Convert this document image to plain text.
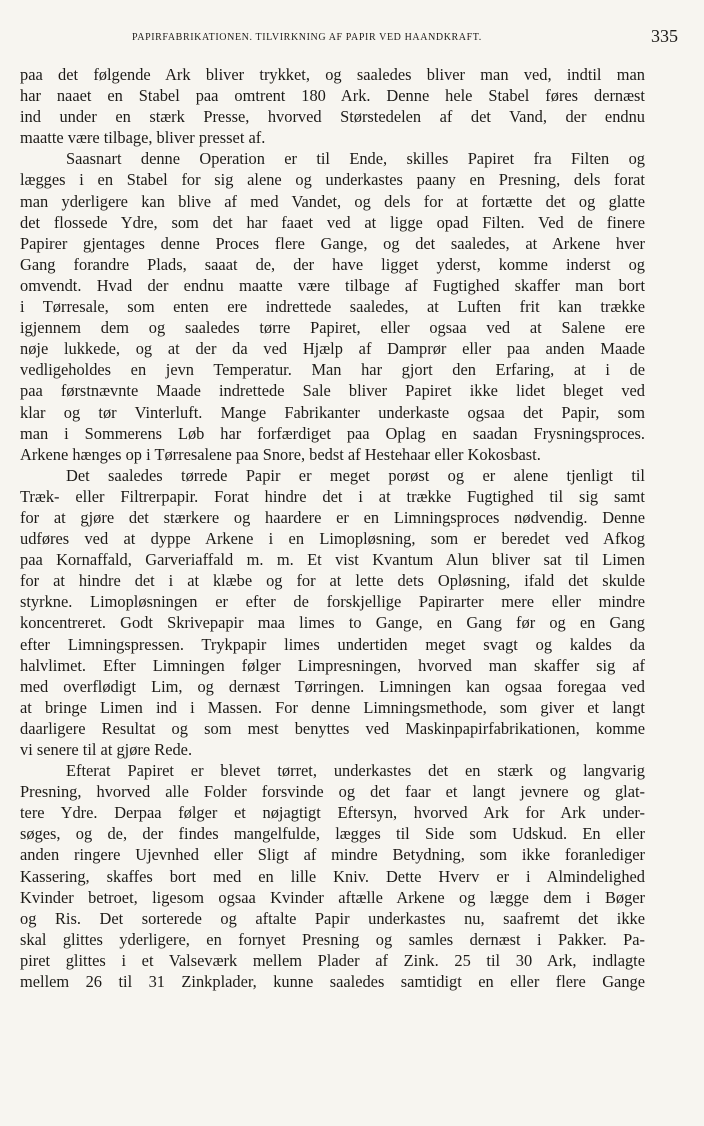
PAPIRFABRIKATIONEN. TILVIRKNING AF PAPIR VED HAANDKRAFT.	335
paa det følgende Ark bliver trykket, og saaledes bliver man ved, indtil man
har naaet en Stabel paa omtrent 180 Ark. Denne hele Stabel føres dernæst
ind under en stærk Presse, hvorved Størstedelen af det Vand, der endnu
maatte være tilbage, bliver presset af.
Saasnart denne Operation er til Ende, skilles Papiret fra Filten og
lægges i en Stabel for sig alene og underkastes paany en Presning, dels forat
man yderligere kan blive af med Vandet, og dels for at fortætte det og glatte
det flossede Ydre, som det har faaet ved at ligge opad Filten. Ved de finere
Papirer gjentages denne Proces flere Gange, og det saaledes, at Arkene hver
Gang forandre Plads, saaat de, der have ligget yderst, komme inderst og
omvendt. Hvad der endnu maatte være tilbage af Fugtighed skaffer man bort
i Tørresale, som enten ere indrettede saaledes, at Luften frit kan trække
igjennem dem og saaledes tørre Papiret, eller ogsaa ved at Salene ere
nøje lukkede, og at der da ved Hjælp af Damprør eller paa anden Maade
vedligeholdes en jevn Temperatur. Man har gjort den Erfaring, at i de
paa førstnævnte Maade indrettede Sale bliver Papiret ikke lidet bleget ved
klar og tør Vinterluft. Mange Fabrikanter underkaste ogsaa det Papir, som
man i Sommerens Løb har forfærdiget paa Oplag en saadan Frysningsproces.
Arkene hænges op i Tørresalene paa Snore, bedst af Hestehaar eller Kokosbast.
Det saaledes tørrede Papir er meget porøst og er alene tjenligt til
Træk- eller Filtrerpapir. Forat hindre det i at trække Fugtighed til sig samt
for at gjøre det stærkere og haardere er en Limningsproces nødvendig. Denne
udføres ved at dyppe Arkene i en Limopløsning, som er beredet ved Afkog
paa Kornaffald, Garveriaffald m. m. Et vist Kvantum Alun bliver sat til Limen
for at hindre det i at klæbe og for at lette dets Opløsning, ifald det skulde
styrkne. Limopløsningen er efter de forskjellige Papirarter mere eller mindre
koncentreret. Godt Skrivepapir maa limes to Gange, en Gang før og en Gang
efter Limningspressen. Trykpapir limes undertiden meget svagt og kaldes da
halvlimet. Efter Limningen følger Limpresningen, hvorved man skaffer sig af
med overflødigt Lim, og dernæst Tørringen. Limningen kan ogsaa foregaa ved
at bringe Limen ind i Massen. For denne Limningsmethode, som giver et langt
daarligere Resultat og som mest benyttes ved Maskinpapirfabrikationen, komme
vi senere til at gjøre Rede.
Efterat Papiret er blevet tørret, underkastes det en stærk og langvarig
Presning, hvorved alle Folder forsvinde og det faar et langt jevnere og glat-
tere Ydre. Derpaa følger et nøjagtigt Eftersyn, hvorved Ark for Ark under-
søges, og de, der findes mangelfulde, lægges til Side som Udskud. En eller
anden ringere Ujevnhed eller Sligt af mindre Betydning, som ikke foranlediger
Kassering, skaffes bort med en lille Kniv. Dette Hverv er i Almindelighed
Kvinder betroet, ligesom ogsaa Kvinder aftælle Arkene og lægge dem i Bøger
og Ris. Det sorterede og aftalte Papir underkastes nu, saafremt det ikke
skal glittes yderligere, en fornyet Presning og samles dernæst i Pakker. Pa-
piret glittes i et Valseværk mellem Plader af Zink. 25 til 30 Ark, indlagte
mellem 26 til 31 Zinkplader, kunne saaledes samtidigt en eller flere Gange
